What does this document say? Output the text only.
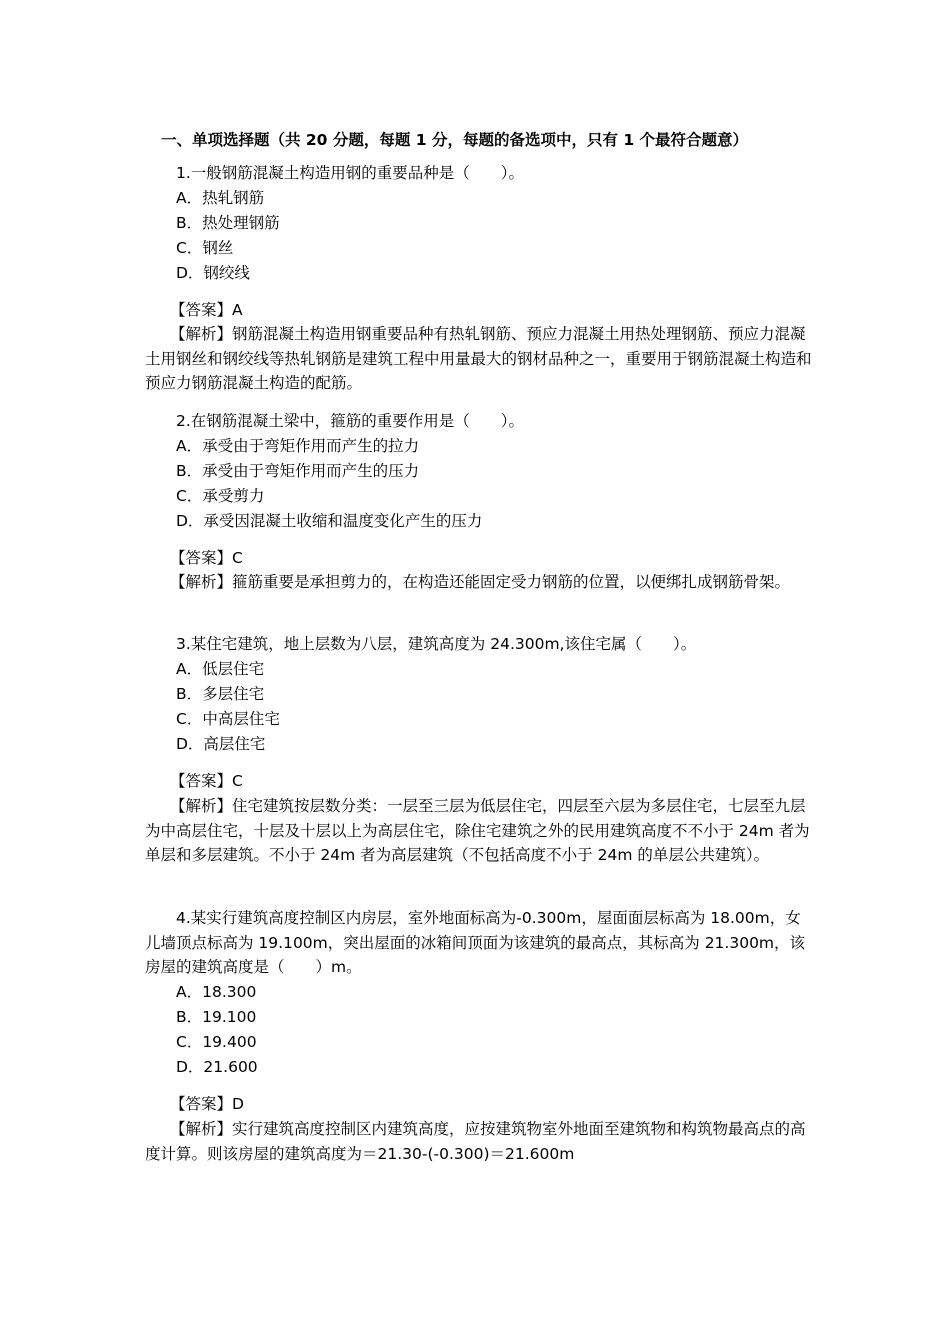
一、单项选择题（共 20 分题，每题 1 分，每题的备选项中，只有 1 个最符合题意）
1.一般钢筋混凝土构造用钢的重要品种是（　　）。
A．热轧钢筋
B．热处理钢筋
C．钢丝
D．钢绞线
【答案】A
【解析】钢筋混凝土构造用钢重要品种有热轧钢筋、预应力混凝土用热处理钢筋、预应力混凝土用钢丝和钢绞线等热轧钢筋是建筑工程中用量最大的钢材品种之一，重要用于钢筋混凝土构造和预应力钢筋混凝土构造的配筋。
2.在钢筋混凝土梁中，箍筋的重要作用是（　　）。
A．承受由于弯矩作用而产生的拉力
B．承受由于弯矩作用而产生的压力
C．承受剪力
D．承受因混凝土收缩和温度变化产生的压力
【答案】C
【解析】箍筋重要是承担剪力的，在构造还能固定受力钢筋的位置，以便绑扎成钢筋骨架。
3.某住宅建筑，地上层数为八层，建筑高度为 24.300m,该住宅属（　　）。
A．低层住宅
B．多层住宅
C．中高层住宅
D．高层住宅
【答案】C
【解析】住宅建筑按层数分类：一层至三层为低层住宅，四层至六层为多层住宅，七层至九层为中高层住宅，十层及十层以上为高层住宅，除住宅建筑之外的民用建筑高度不不小于 24m 者为单层和多层建筑。不小于 24m 者为高层建筑（不包括高度不小于 24m 的单层公共建筑）。
4.某实行建筑高度控制区内房层，室外地面标高为-0.300m，屋面面层标高为 18.00m，女儿墙顶点标高为 19.100m，突出屋面的冰箱间顶面为该建筑的最高点，其标高为 21.300m，该房屋的建筑高度是（　　）m。
A．18.300
B．19.100
C．19.400
D．21.600
【答案】D
【解析】实行建筑高度控制区内建筑高度，应按建筑物室外地面至建筑物和构筑物最高点的高度计算。则该房屋的建筑高度为＝21.30-(-0.300)＝21.600m
